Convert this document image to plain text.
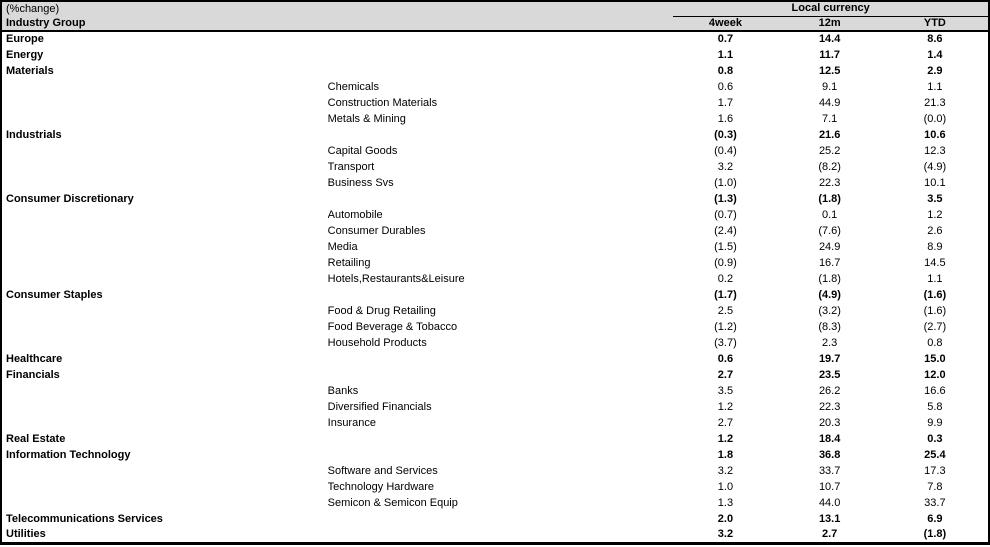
(%change)		Local currency		
Industry Group		4week	12m	YTD
Europe		0.7	14.4	8.6
Energy		1.1	11.7	1.4
Materials		0.8	12.5	2.9
	Chemicals	0.6	9.1	1.1
	Construction Materials	1.7	44.9	21.3
	Metals & Mining	1.6	7.1	(0.0)
Industrials		(0.3)	21.6	10.6
	Capital Goods	(0.4)	25.2	12.3
	Transport	3.2	(8.2)	(4.9)
	Business Svs	(1.0)	22.3	10.1
Consumer Discretionary		(1.3)	(1.8)	3.5
	Automobile	(0.7)	0.1	1.2
	Consumer Durables	(2.4)	(7.6)	2.6
	Media	(1.5)	24.9	8.9
	Retailing	(0.9)	16.7	14.5
	Hotels,Restaurants&Leisure	0.2	(1.8)	1.1
Consumer Staples		(1.7)	(4.9)	(1.6)
	Food & Drug Retailing	2.5	(3.2)	(1.6)
	Food Beverage & Tobacco	(1.2)	(8.3)	(2.7)
	Household Products	(3.7)	2.3	0.8
Healthcare		0.6	19.7	15.0
Financials		2.7	23.5	12.0
	Banks	3.5	26.2	16.6
	Diversified Financials	1.2	22.3	5.8
	Insurance	2.7	20.3	9.9
Real Estate		1.2	18.4	0.3
Information Technology		1.8	36.8	25.4
	Software and Services	3.2	33.7	17.3
	Technology Hardware	1.0	10.7	7.8
	Semicon & Semicon Equip	1.3	44.0	33.7
Telecommunications Services		2.0	13.1	6.9
Utilities		3.2	2.7	(1.8)
